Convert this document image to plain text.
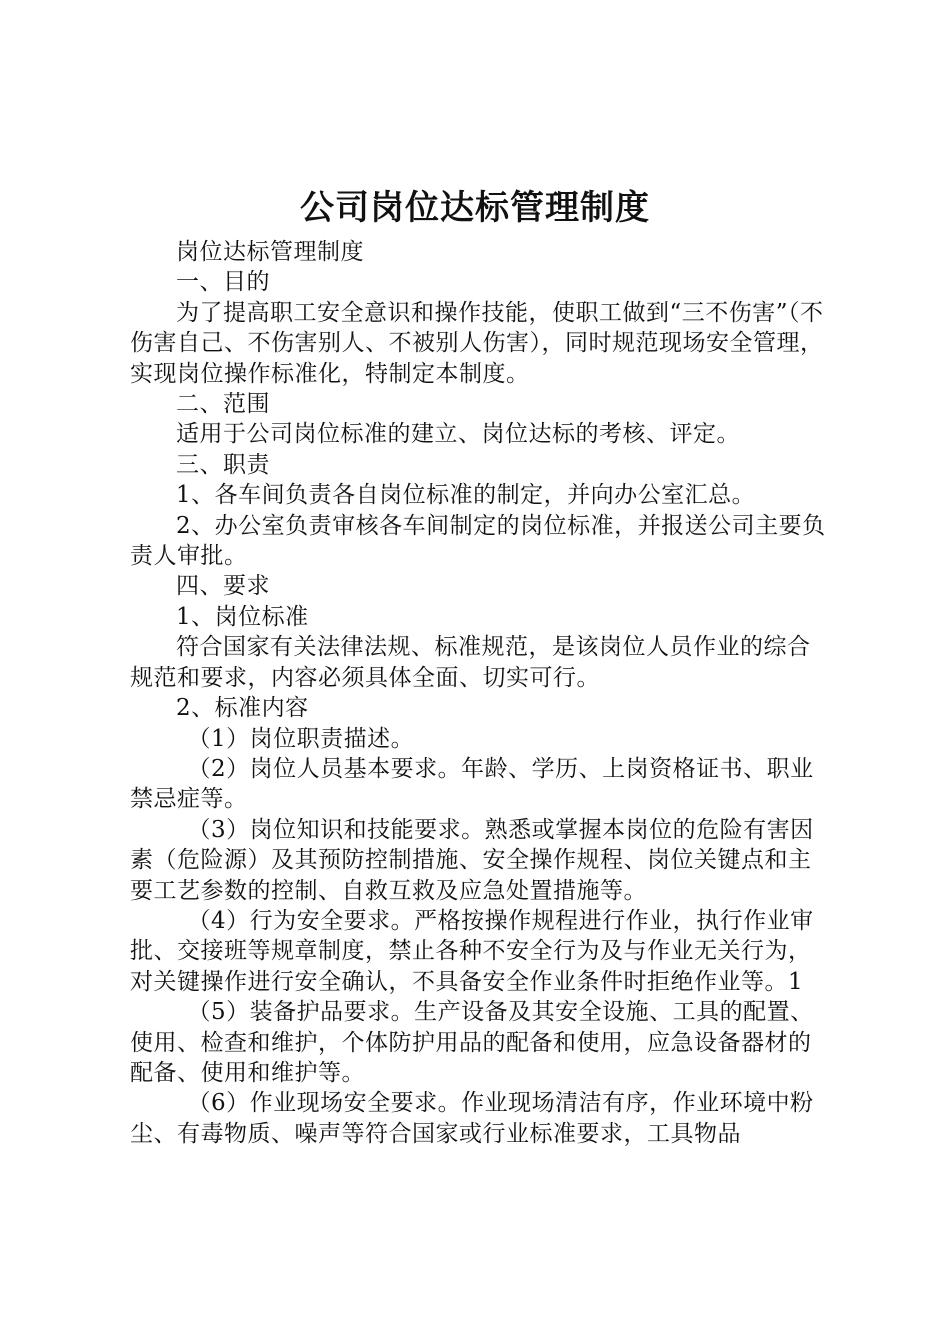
公司岗位达标管理制度

岗位达标管理制度

一、目的

为了提高职工安全意识和操作技能，使职工做到“三不伤害”（不伤害自己、不伤害别人、不被别人伤害），同时规范现场安全管理，实现岗位操作标准化，特制定本制度。

二、范围

适用于公司岗位标准的建立、岗位达标的考核、评定。

三、职责

1、各车间负责各自岗位标准的制定，并向办公室汇总。

2、办公室负责审核各车间制定的岗位标准，并报送公司主要负责人审批。

四、要求

1、岗位标准

符合国家有关法律法规、标准规范，是该岗位人员作业的综合规范和要求，内容必须具体全面、切实可行。

2、标准内容

（1）岗位职责描述。

（2）岗位人员基本要求。年龄、学历、上岗资格证书、职业禁忌症等。

（3）岗位知识和技能要求。熟悉或掌握本岗位的危险有害因素（危险源）及其预防控制措施、安全操作规程、岗位关键点和主要工艺参数的控制、自救互救及应急处置措施等。

（4）行为安全要求。严格按操作规程进行作业，执行作业审批、交接班等规章制度，禁止各种不安全行为及与作业无关行为，对关键操作进行安全确认，不具备安全作业条件时拒绝作业等。1

（5）装备护品要求。生产设备及其安全设施、工具的配置、使用、检查和维护，个体防护用品的配备和使用，应急设备器材的配备、使用和维护等。

（6）作业现场安全要求。作业现场清洁有序，作业环境中粉尘、有毒物质、噪声等符合国家或行业标准要求，工具物品
